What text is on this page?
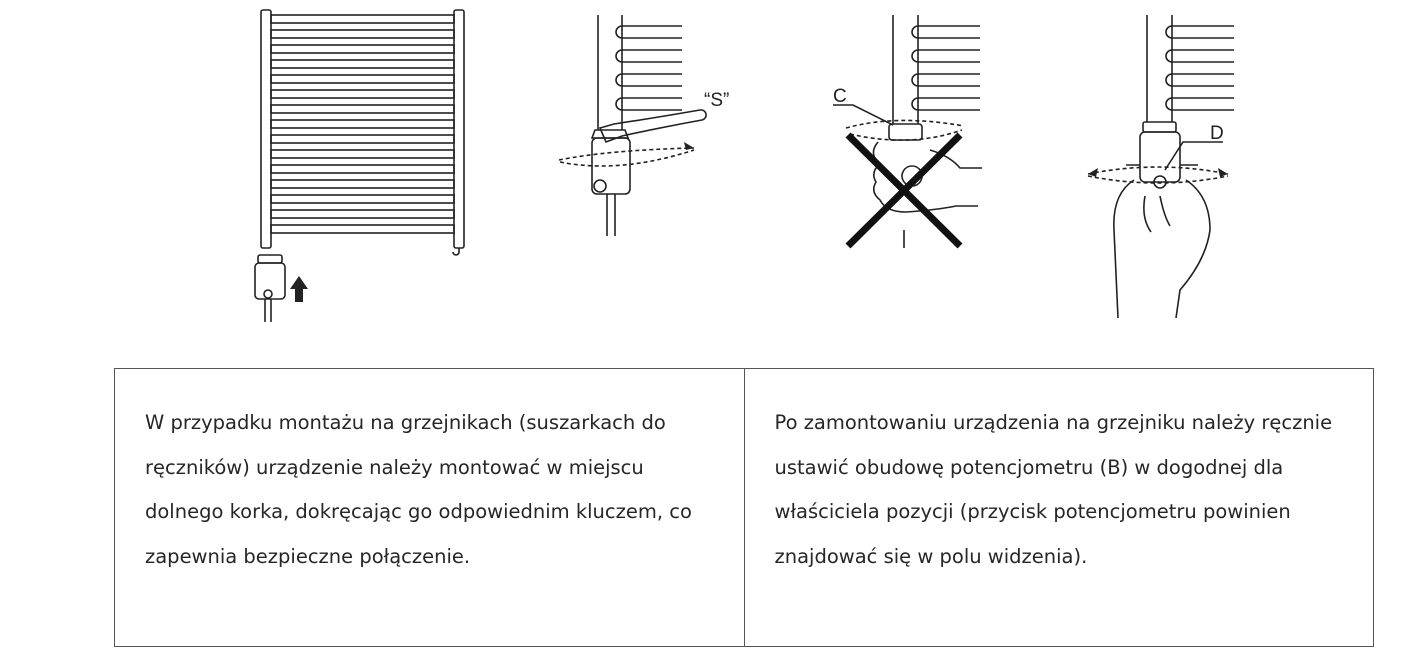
“S”	C
D
W przypadku montażu na grzejnikach (suszarkach do ręczników) urządzenie należy montować w miejscu dolnego korka, dokręcając go odpowiednim kluczem, co zapewnia bezpieczne połączenie.
Po zamontowaniu urządzenia na grzejniku należy ręcznie ustawić obudowę potencjometru (B) w dogodnej dla właściciela pozycji (przycisk potencjometru powinien znajdować się w polu widzenia).
